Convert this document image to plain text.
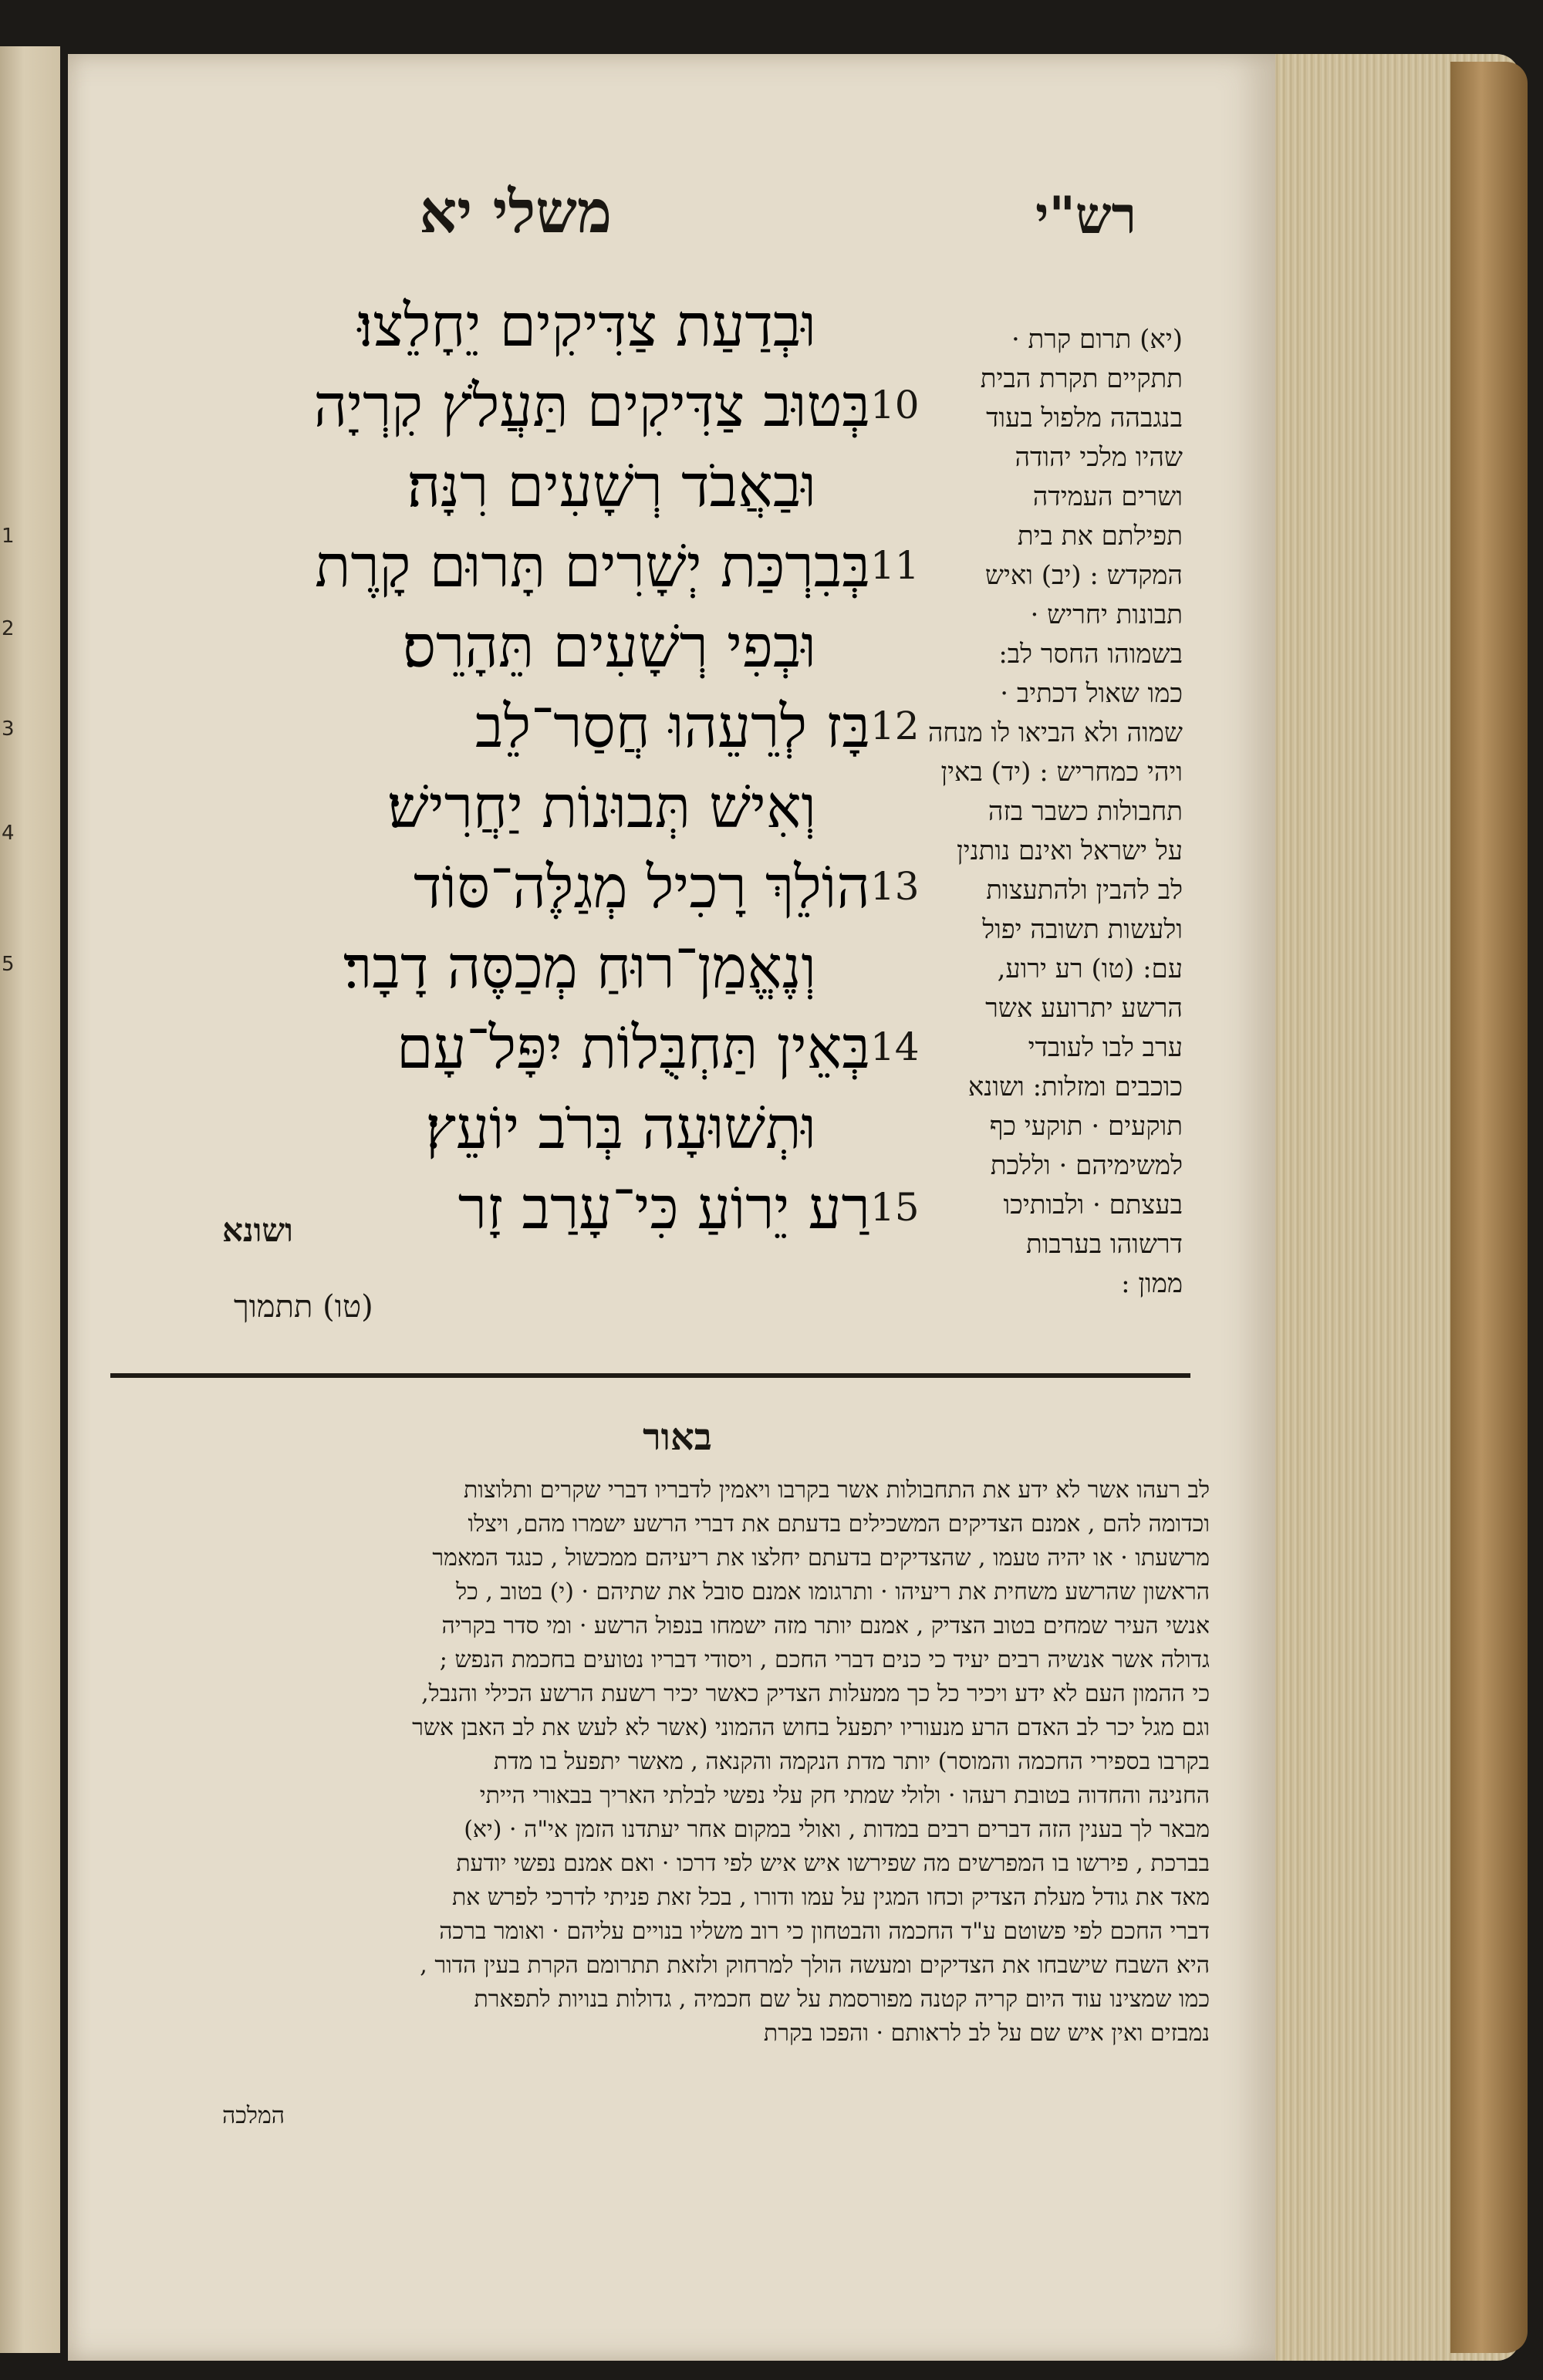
1
2
3
4
5
משלי יא	רש"י
וּבְדַעַת צַדִּיקִים יֵחָלֵצוּ׃
בְּטוּב צַדִּיקִים תַּעֲלֹץ קִרְיָה
וּבַאֲבֹד רְשָׁעִים רִנָּה׃
בְּבִרְכַּת יְשָׁרִים תָּרוּם קָרֶת
וּבְפִי רְשָׁעִים תֵּהָרֵס׃
בָּז לְרֵעֵהוּ חֲסַר־לֵב
וְאִישׁ תְּבוּנוֹת יַחֲרִישׁ׃
הוֹלֵךְ רָכִיל מְגַלֶּה־סּוֹד
וְנֶאֱמַן־רוּחַ מְכַסֶּה דָבָר׃
בְּאֵין תַּחְבֻּלוֹת יִפָּל־עָם
וּתְשׁוּעָה בְּרֹב יוֹעֵץ׃
רַע יֵרוֹעַ כִּי־עָרַב זָר
10
11
12
13
14
15
ושונא
(טו) תתמוך
(יא) תרום קרת ·
תתקיים תקרת הבית
בנגבהה מלפול בעוד
שהיו מלכי יהודה
ושרים העמידה
תפילתם את בית
המקדש : (יב) ואיש
תבונות יחריש ·
בשמוהו החסר לב:
כמו שאול דכתיב ·
שמוה ולא הביאו לו מנחה
ויהי כמחריש : (יד) באין
תחבולות כשבר בזה
על ישראל ואינם נותנין
לב להבין ולהתעצות
ולעשות תשובה יפול
עם: (טו) רע ירוע,
הרשע יתרועע אשר
ערב לבו לעובדי
כוכבים ומזלות: ושונא
תוקעים · תוקעי כף
למשימיהם · וללכת
בעצתם · ולבותיכו
דרשוהו בערבות
ממון :
באור
לב רעהו אשר לא ידע את התחבולות אשר בקרבו ויאמין לדבריו דברי שקרים ותלוצות
וכדומה להם , אמנם הצדיקים המשכילים בדעתם את דברי הרשע ישמרו מהם, ויצלו
מרשעתו · או יהיה טעמו , שהצדיקים בדעתם יחלצו את ריעיהם ממכשול , כנגד המאמר
הראשון שהרשע משחית את ריעיהו · ותרגומו אמנם סובל את שתיהם · (י) בטוב , כל
אנשי העיר שמחים בטוב הצדיק , אמנם יותר מזה ישמחו בנפול הרשע · ומי סדר בקריה
גדולה אשר אנשיה רבים יעיד כי כנים דברי החכם , ויסודי דבריו נטועים בחכמת הנפש ;
כי ההמון העם לא ידע ויכיר כל כך ממעלות הצדיק כאשר יכיר רשעת הרשע הכילי והנבל,
וגם מגל יכר לב האדם הרע מנעוריו יתפעל בחוש ההמוני (אשר לא לעש את לב האבן אשר
בקרבו בספירי החכמה והמוסר) יותר מדת הנקמה והקנאה , מאשר יתפעל בו מדת
החנינה והחדוה בטובת רעהו · ולולי שמתי חק עלי נפשי לבלתי האריך בבאורי הייתי
מבאר לך בענין הזה דברים רבים במדות , ואולי במקום אחר יעתדנו הזמן אי"ה · (יא)
בברכת , פירשו בו המפרשים מה שפירשו איש איש לפי דרכו · ואם אמנם נפשי יודעת
מאד את גודל מעלת הצדיק וכחו המגין על עמו ודורו , בכל זאת פניתי לדרכי לפרש את
דברי החכם לפי פשוטם ע"ד החכמה והבטחון כי רוב משליו בנויים עליהם · ואומר ברכה
היא השבח שישבחו את הצדיקים ומעשה הולך למרחוק ולזאת תתרומם הקרת בעין הדור ,
כמו שמצינו עוד היום קריה קטנה מפורסמת על שם חכמיה , גדולות בנויות לתפארת
נמבזים ואין איש שם על לב לראותם · והפכו בקרת
המלכה
